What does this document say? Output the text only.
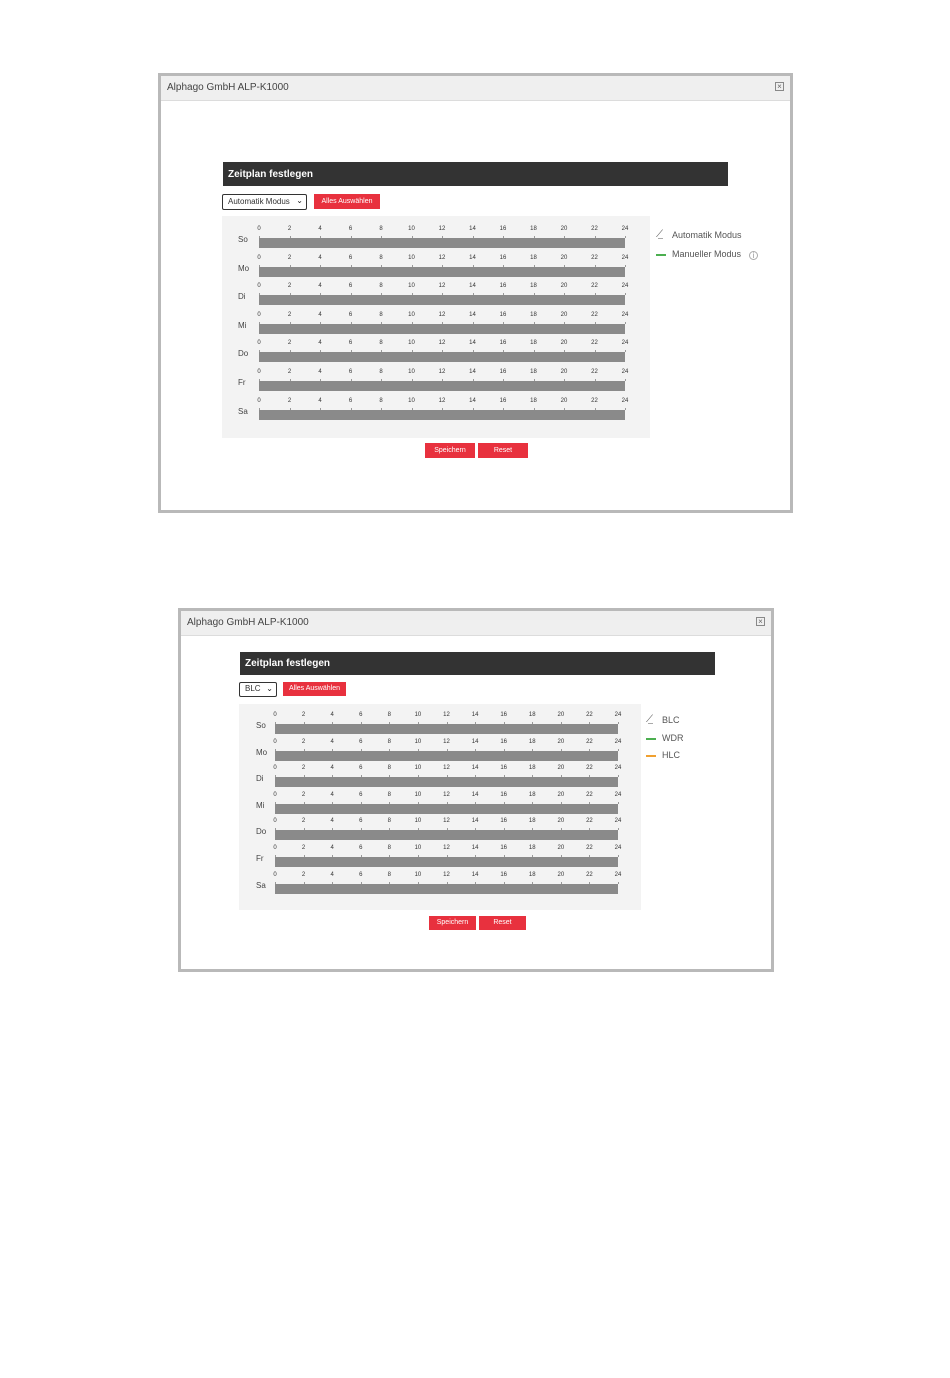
Alphago GmbH ALP-K1000	×
Zeitplan festlegen
Automatik Modus ⌄	Alles Auswählen
0	2	4	6	8	10	12	14	16	18	20	22	24
So
0	2	4	6	8	10	12	14	16	18	20	22	24
Mo
0	2	4	6	8	10	12	14	16	18	20	22	24
Di
0	2	4	6	8	10	12	14	16	18	20	22	24
Mi
0	2	4	6	8	10	12	14	16	18	20	22	24
Do
0	2	4	6	8	10	12	14	16	18	20	22	24
Fr
0	2	4	6	8	10	12	14	16	18	20	22	24
Sa
⟋̲ Automatik Modus
Manueller Modus	i
Speichern	Reset
Alphago GmbH ALP-K1000	×
Zeitplan festlegen
BLC ⌄	Alles Auswählen
0	2	4	6	8	10	12	14	16	18	20	22	24
So
0	2	4	6	8	10	12	14	16	18	20	22	24
Mo
0	2	4	6	8	10	12	14	16	18	20	22	24
Di
0	2	4	6	8	10	12	14	16	18	20	22	24
Mi
0	2	4	6	8	10	12	14	16	18	20	22	24
Do
0	2	4	6	8	10	12	14	16	18	20	22	24
Fr
0	2	4	6	8	10	12	14	16	18	20	22	24
Sa
⟋̲ BLC
WDR
HLC
Speichern	Reset
